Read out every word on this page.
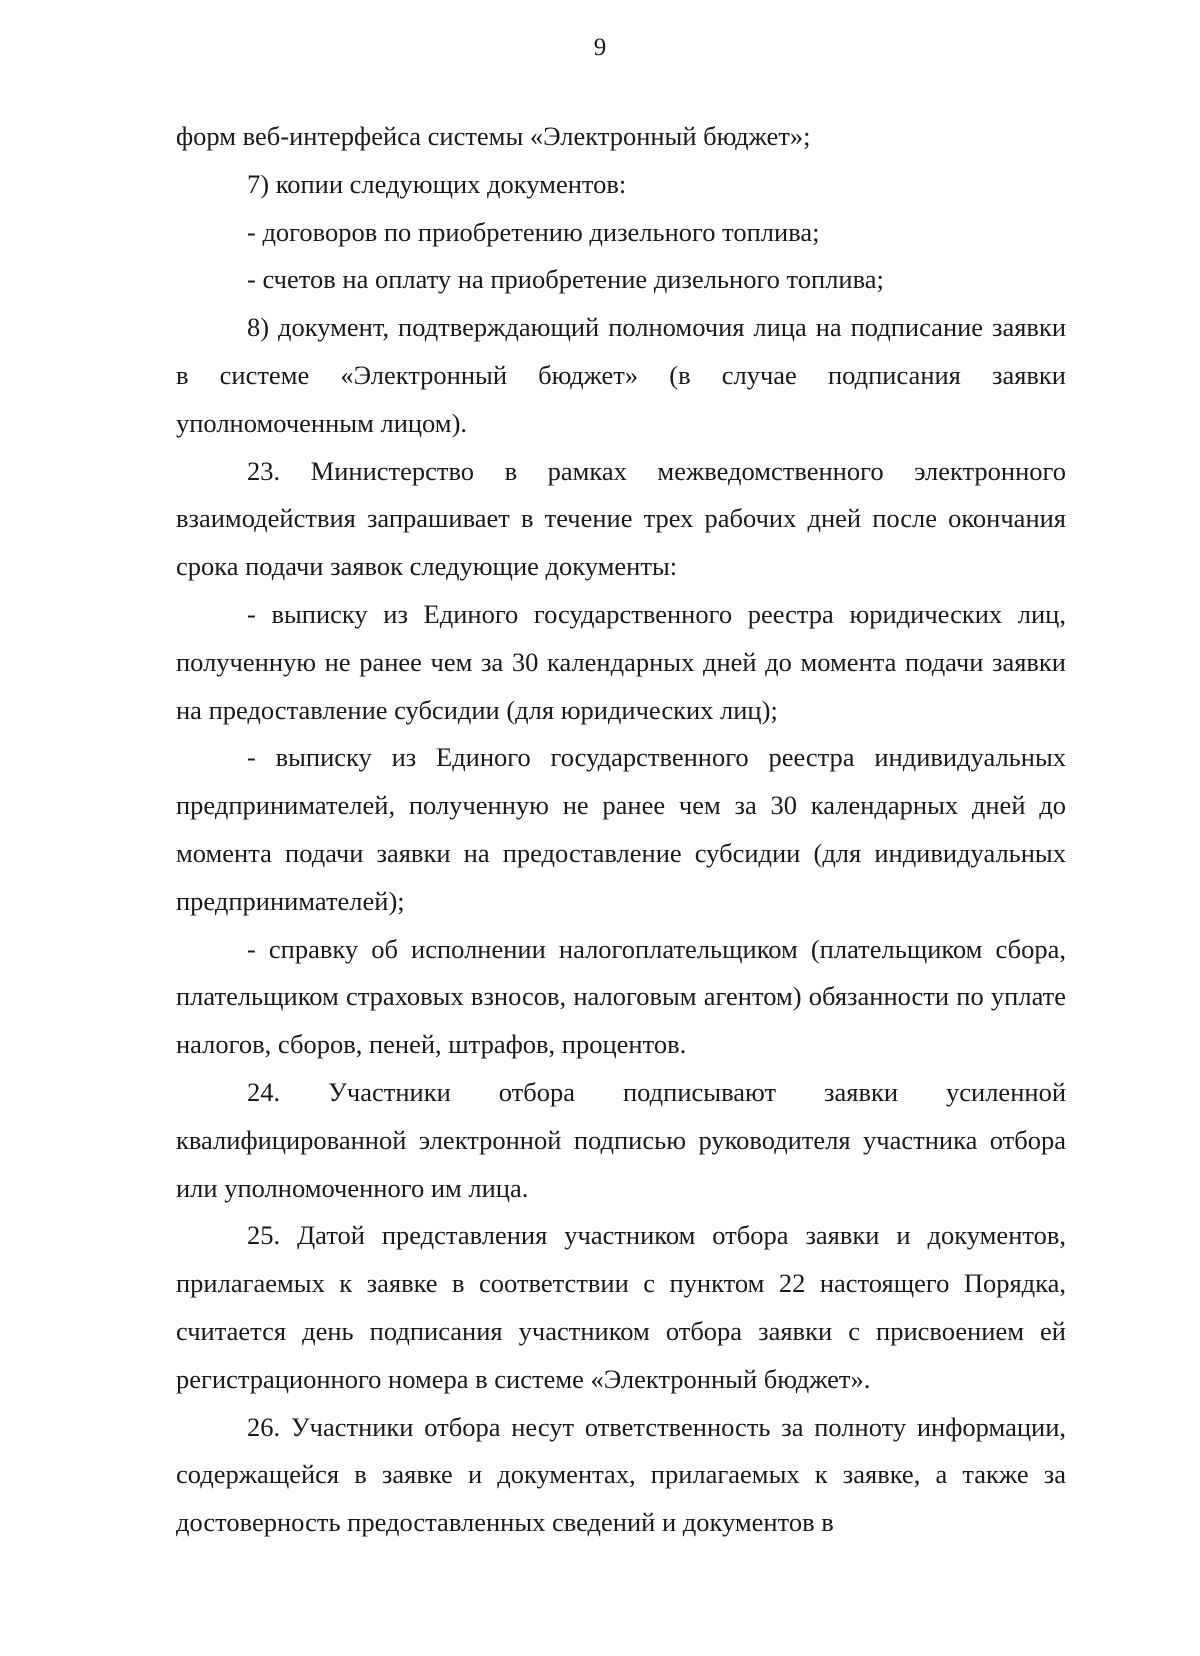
9

форм веб-интерфейса системы «Электронный бюджет»;

7) копии следующих документов:

- договоров по приобретению дизельного топлива;

- счетов на оплату на приобретение дизельного топлива;

8) документ, подтверждающий полномочия лица на подписание заявки в системе «Электронный бюджет» (в случае подписания заявки уполномоченным лицом).

23. Министерство в рамках межведомственного электронного взаимодействия запрашивает в течение трех рабочих дней после окончания срока подачи заявок следующие документы:

- выписку из Единого государственного реестра юридических лиц, полученную не ранее чем за 30 календарных дней до момента подачи заявки на предоставление субсидии (для юридических лиц);

- выписку из Единого государственного реестра индивидуальных предпринимателей, полученную не ранее чем за 30 календарных дней до момента подачи заявки на предоставление субсидии (для индивидуальных предпринимателей);

- справку об исполнении налогоплательщиком (плательщиком сбора, плательщиком страховых взносов, налоговым агентом) обязанности по уплате налогов, сборов, пеней, штрафов, процентов.

24. Участники отбора подписывают заявки усиленной квалифицированной электронной подписью руководителя участника отбора или уполномоченного им лица.

25. Датой представления участником отбора заявки и документов, прилагаемых к заявке в соответствии с пунктом 22 настоящего Порядка, считается день подписания участником отбора заявки с присвоением ей регистрационного номера в системе «Электронный бюджет».

26. Участники отбора несут ответственность за полноту информации, содержащейся в заявке и документах, прилагаемых к заявке, а также за достоверность предоставленных сведений и документов в
